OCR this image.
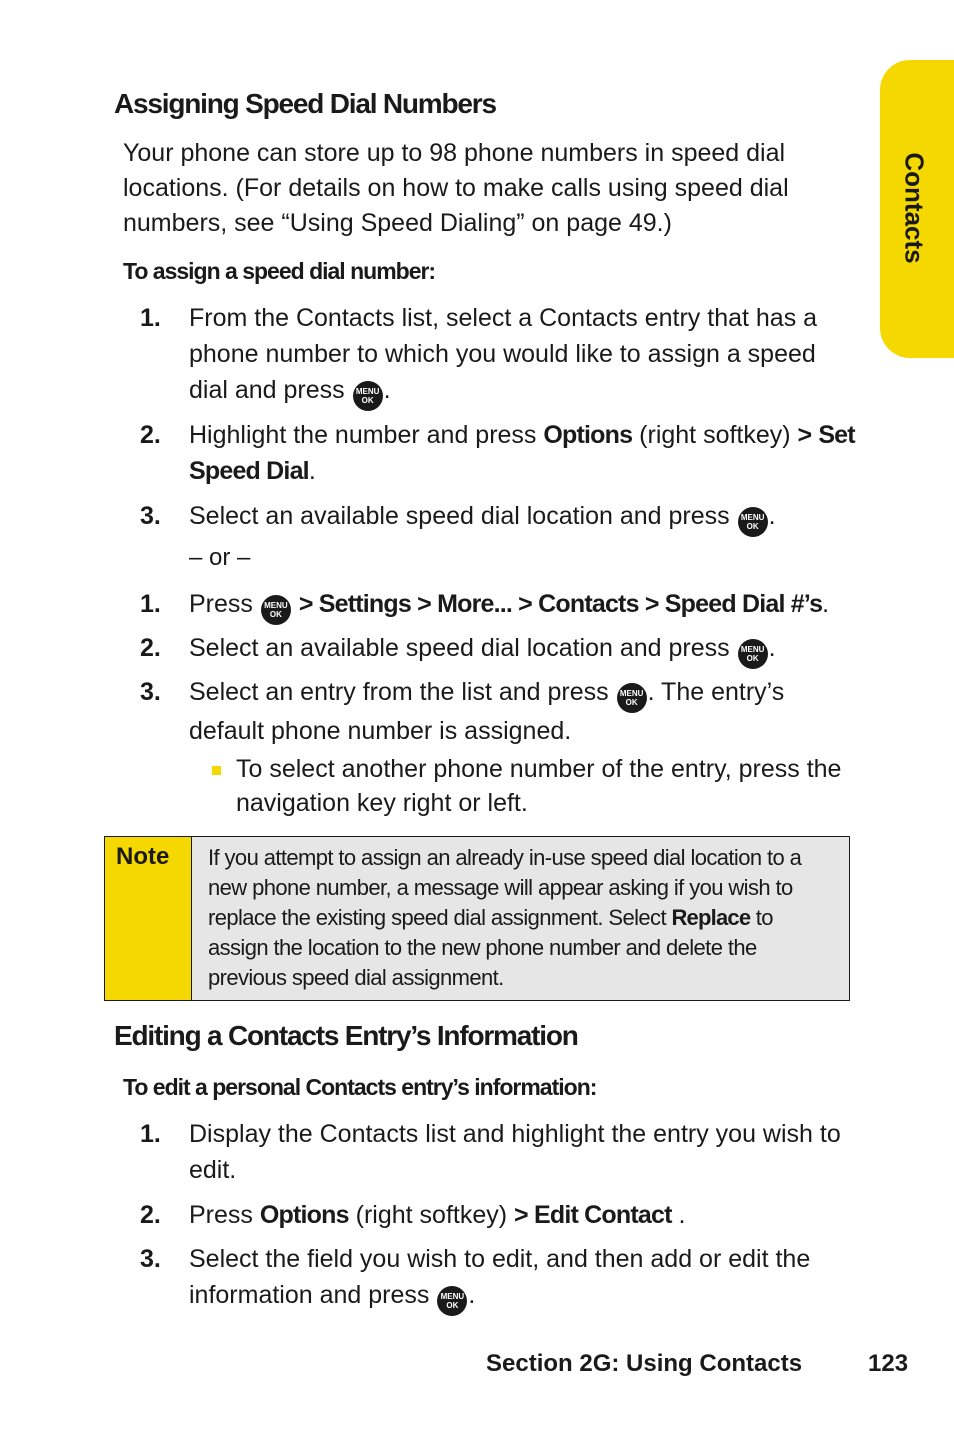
Contacts
Assigning Speed Dial Numbers

Your phone can store up to 98 phone numbers in speed dial locations. (For details on how to make calls using speed dial numbers, see “Using Speed Dialing” on page 49.)

To assign a speed dial number:

1. From the Contacts list, select a Contacts entry that has a phone number to which you would like to assign a speed dial and press	MENU
OK .
2. Highlight the number and press Options (right softkey) > Set Speed Dial.
3. Select an available speed dial location and press	MENU
OK .
– or –
1. Press	MENU
OK > Settings > More... > Contacts > Speed Dial #’s.
2. Select an available speed dial location and press	MENU
OK .
3. Select an entry from the list and press	MENU
OK . The entry’s default phone number is assigned.
To select another phone number of the entry, press the navigation key right or left.
Note If you attempt to assign an already in-use speed dial location to a new phone number, a message will appear asking if you wish to replace the existing speed dial assignment. Select Replace to assign the location to the new phone number and delete the previous speed dial assignment.
Editing a Contacts Entry’s Information

To edit a personal Contacts entry’s information:

1. Display the Contacts list and highlight the entry you wish to edit.
2. Press Options (right softkey) > Edit Contact .
3. Select the field you wish to edit, and then add or edit the information and press	MENU
OK .
Section 2G: Using Contacts	123
